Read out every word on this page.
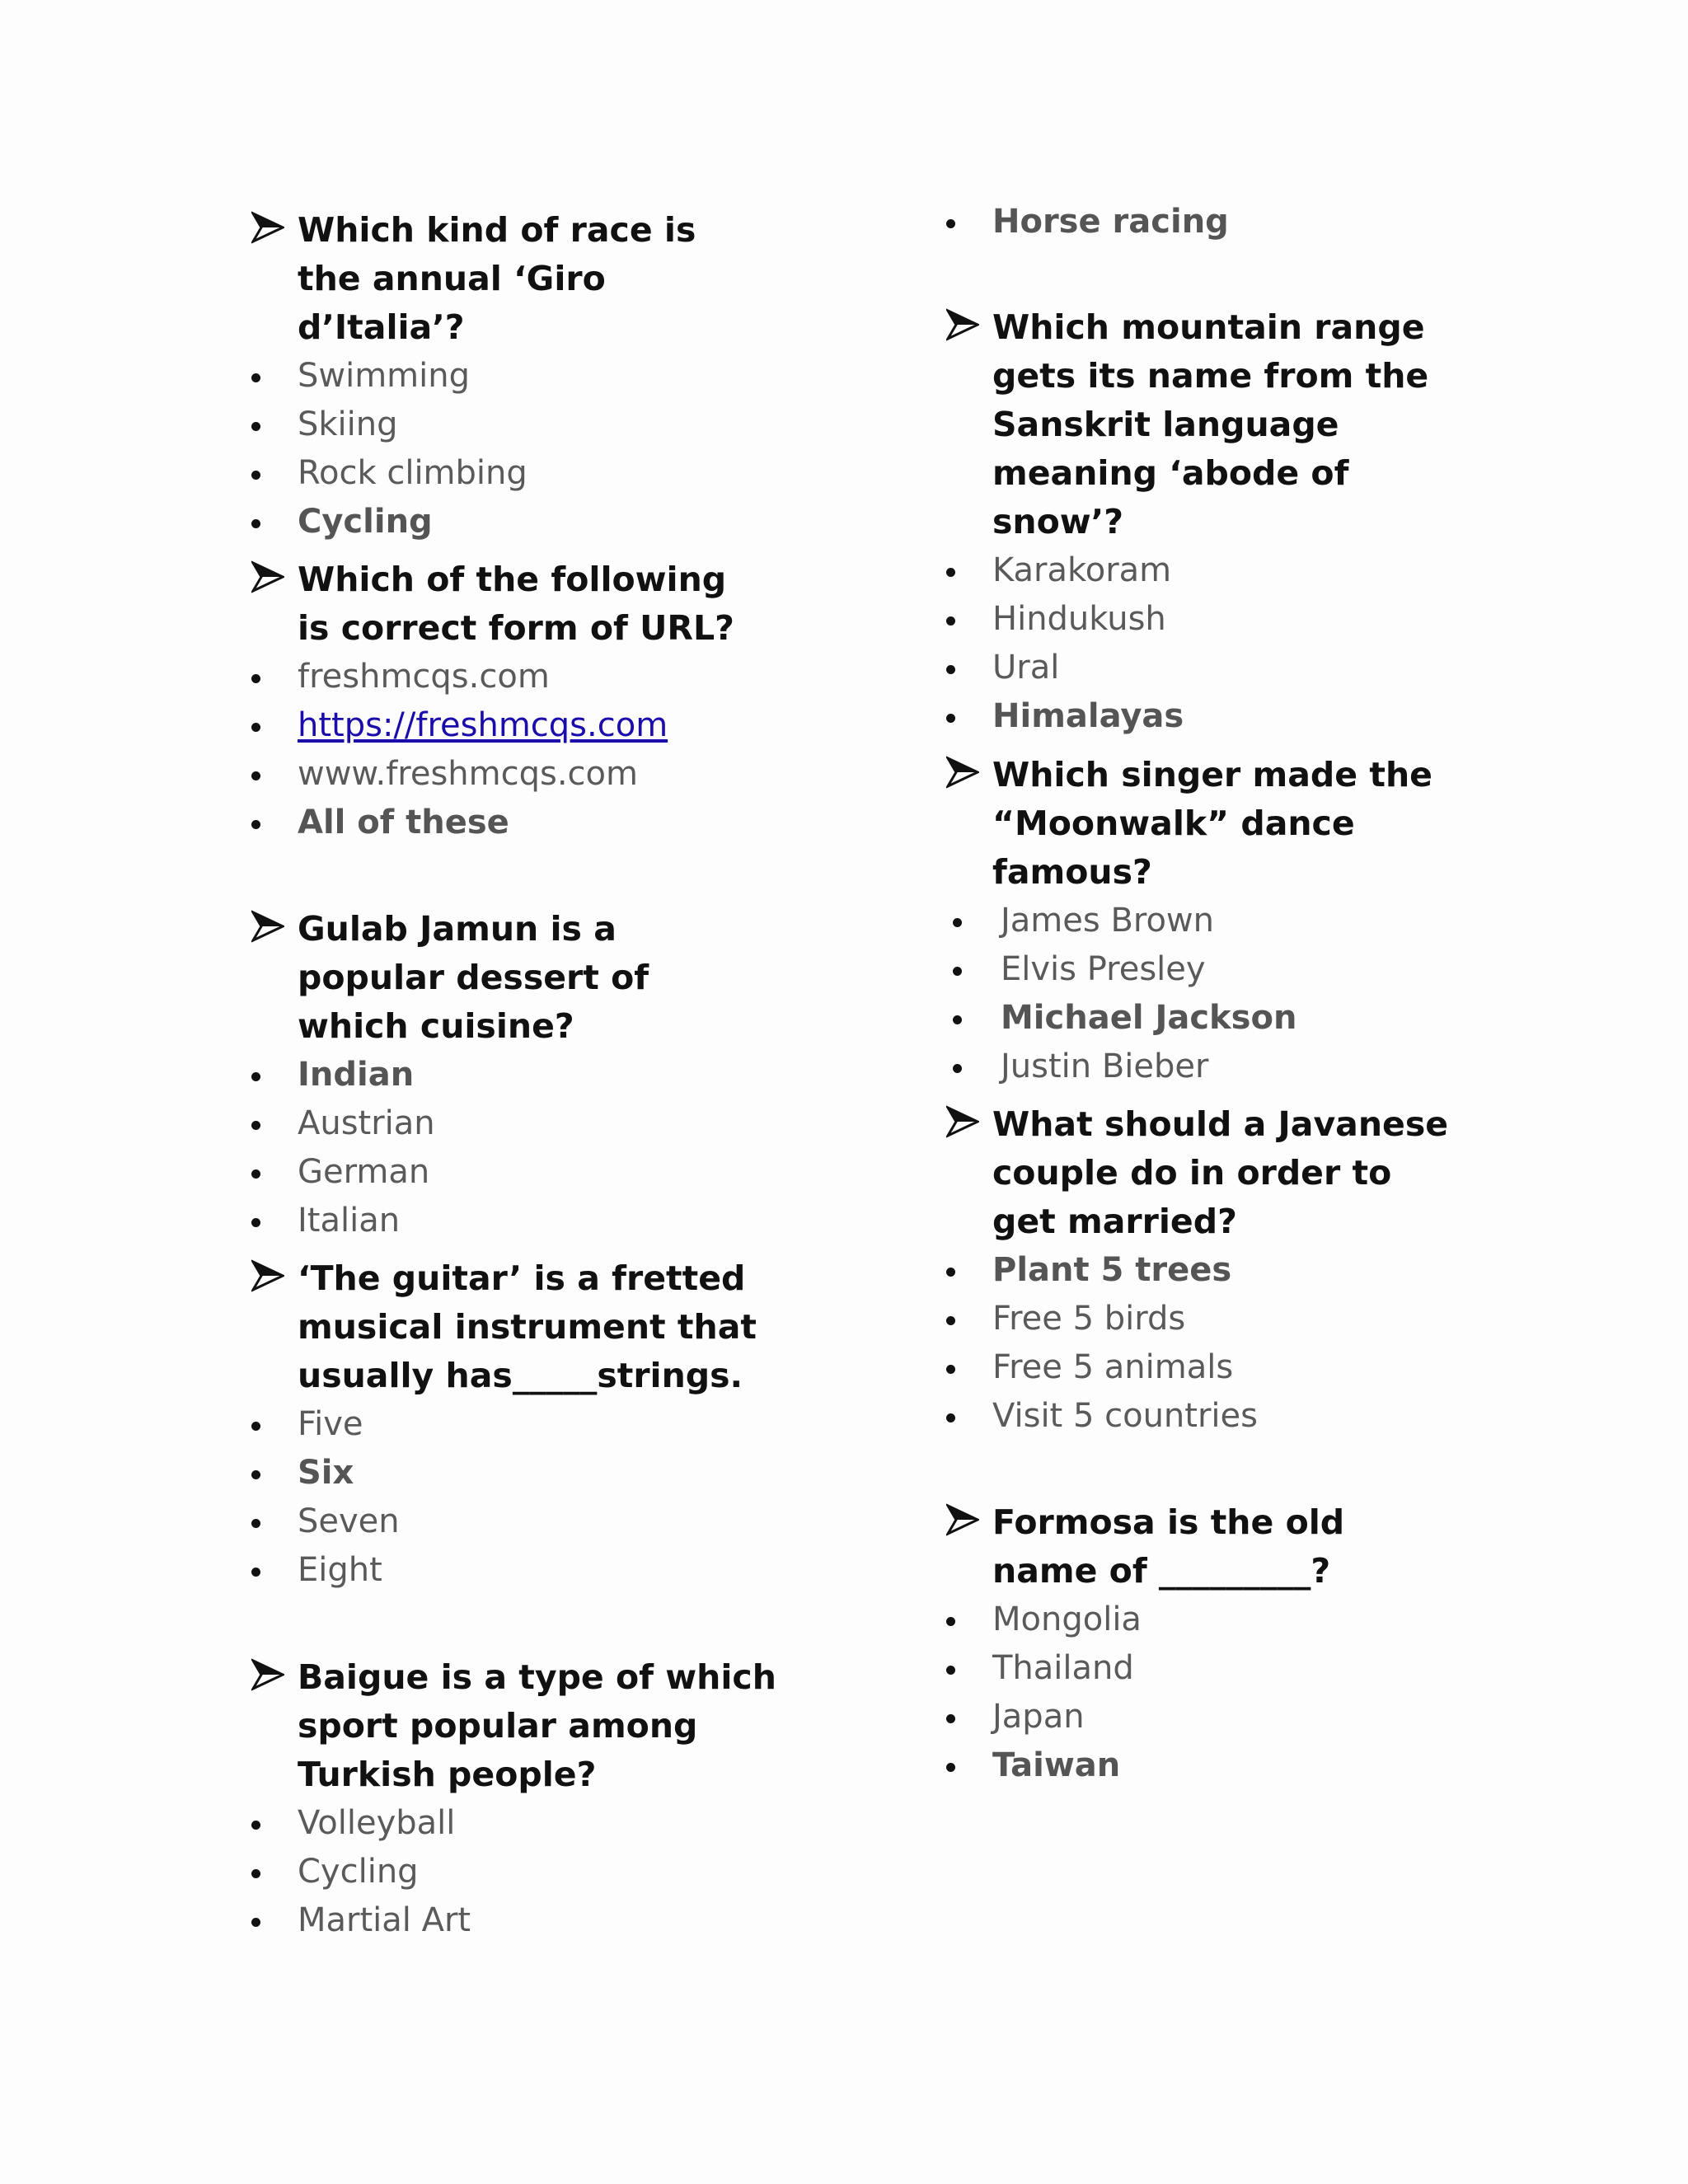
Which kind of race is the annual ‘Giro d’Italia’?

Swimming
Skiing
Rock climbing
Cycling

Which of the following is correct form of URL?

freshmcqs.com
https://freshmcqs.com
www.freshmcqs.com
All of these

Gulab Jamun is a popular dessert of which cuisine?

Indian
Austrian
German
Italian

‘The guitar’ is a fretted musical instrument that usually has_____strings.

Five
Six
Seven
Eight

Baigue is a type of which sport popular among Turkish people?

Volleyball
Cycling
Martial Art
Horse racing

Which mountain range gets its name from the Sanskrit language meaning ‘abode of snow’?

Karakoram
Hindukush
Ural
Himalayas

Which singer made the “Moonwalk” dance famous?

James Brown
Elvis Presley
Michael Jackson
Justin Bieber

What should a Javanese couple do in order to get married?

Plant 5 trees
Free 5 birds
Free 5 animals
Visit 5 countries

Formosa is the old name of _________?

Mongolia
Thailand
Japan
Taiwan
